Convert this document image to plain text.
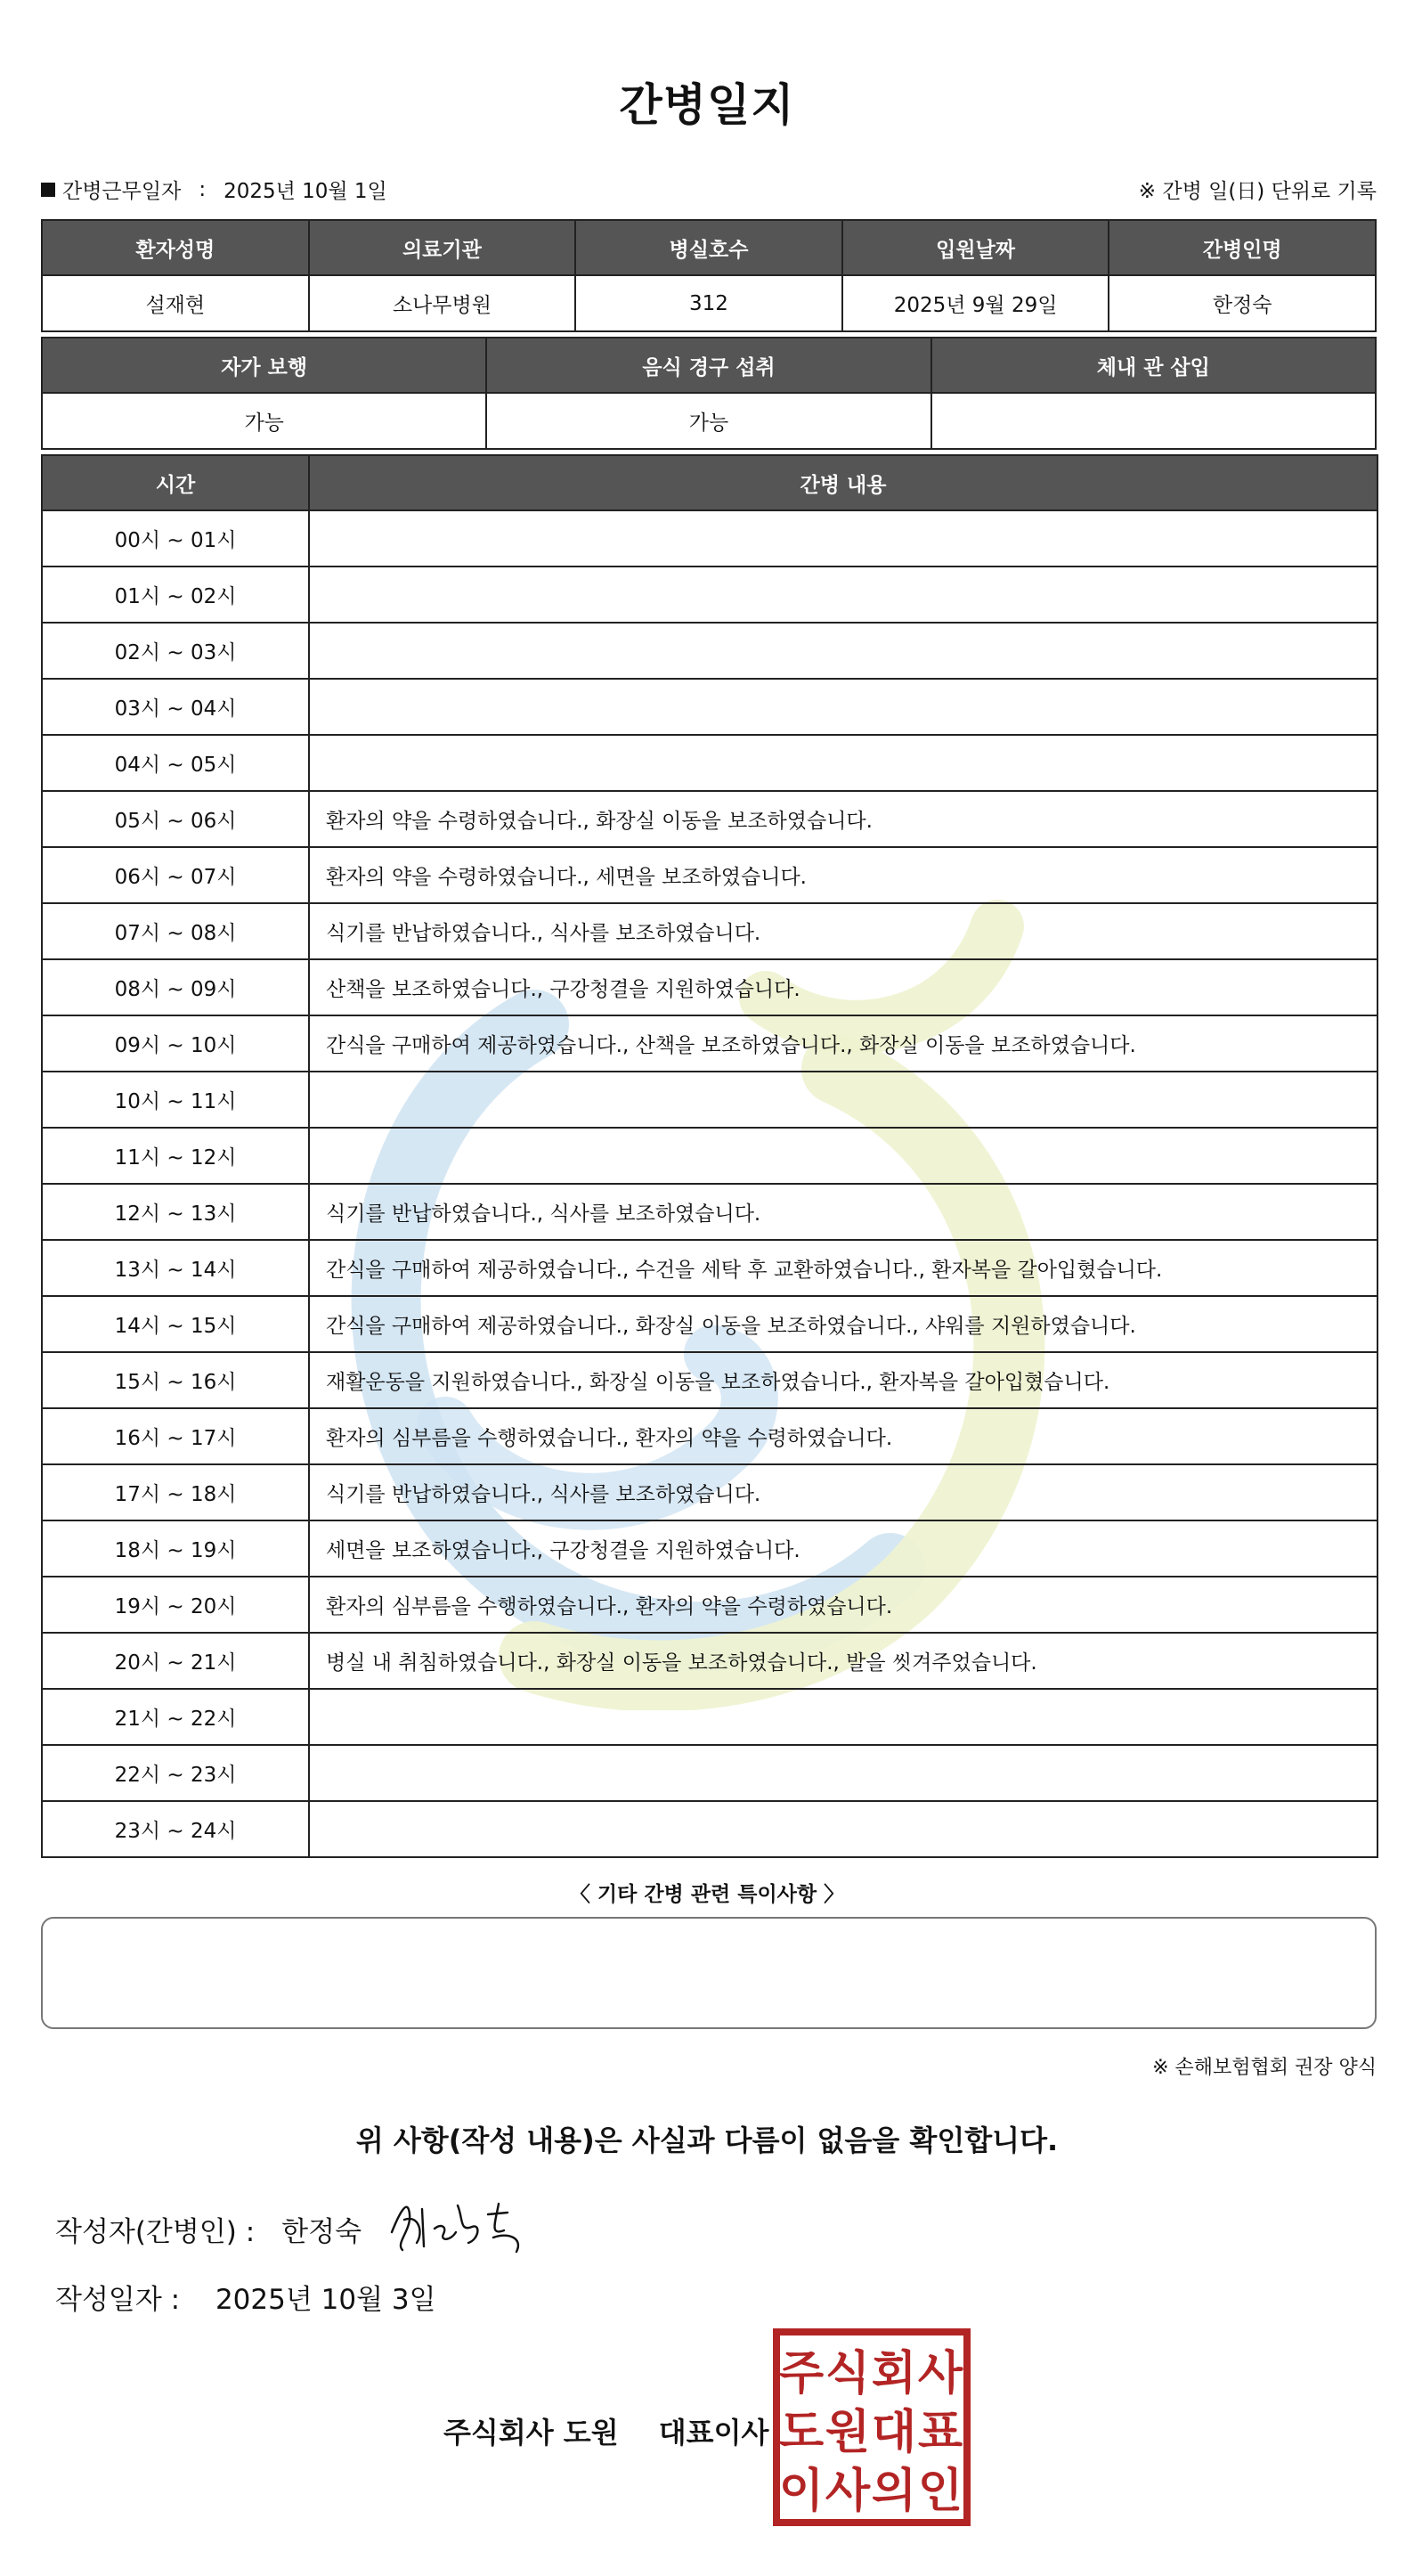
간병일지
간병근무일자 : 2025년 10월 1일	※ 간병 일(日) 단위로 기록
환자성명	의료기관	병실호수	입원날짜	간병인명
설재현	소나무병원	312	2025년 9월 29일	한정숙
자가 보행	음식 경구 섭취	체내 관 삽입
가능	가능	
시간	간병 내용
00시 ~ 01시	
01시 ~ 02시	
02시 ~ 03시	
03시 ~ 04시	
04시 ~ 05시	
05시 ~ 06시	환자의 약을 수령하였습니다., 화장실 이동을 보조하였습니다.
06시 ~ 07시	환자의 약을 수령하였습니다., 세면을 보조하였습니다.
07시 ~ 08시	식기를 반납하였습니다., 식사를 보조하였습니다.
08시 ~ 09시	산책을 보조하였습니다., 구강청결을 지원하였습니다.
09시 ~ 10시	간식을 구매하여 제공하였습니다., 산책을 보조하였습니다., 화장실 이동을 보조하였습니다.
10시 ~ 11시	
11시 ~ 12시	
12시 ~ 13시	식기를 반납하였습니다., 식사를 보조하였습니다.
13시 ~ 14시	간식을 구매하여 제공하였습니다., 수건을 세탁 후 교환하였습니다., 환자복을 갈아입혔습니다.
14시 ~ 15시	간식을 구매하여 제공하였습니다., 화장실 이동을 보조하였습니다., 샤워를 지원하였습니다.
15시 ~ 16시	재활운동을 지원하였습니다., 화장실 이동을 보조하였습니다., 환자복을 갈아입혔습니다.
16시 ~ 17시	환자의 심부름을 수행하였습니다., 환자의 약을 수령하였습니다.
17시 ~ 18시	식기를 반납하였습니다., 식사를 보조하였습니다.
18시 ~ 19시	세면을 보조하였습니다., 구강청결을 지원하였습니다.
19시 ~ 20시	환자의 심부름을 수행하였습니다., 환자의 약을 수령하였습니다.
20시 ~ 21시	병실 내 취침하였습니다., 화장실 이동을 보조하였습니다., 발을 씻겨주었습니다.
21시 ~ 22시	
22시 ~ 23시	
23시 ~ 24시	
〈 기타 간병 관련 특이사항 〉
※ 손해보험협회 권장 양식
위 사항(작성 내용)은 사실과 다름이 없음을 확인합니다.
작성자(간병인) : 한정숙
작성일자 : 2025년 10월 3일
주식회사 도원 대표이사
주 식 회 사
도 원 대 표
이 사 의 인
